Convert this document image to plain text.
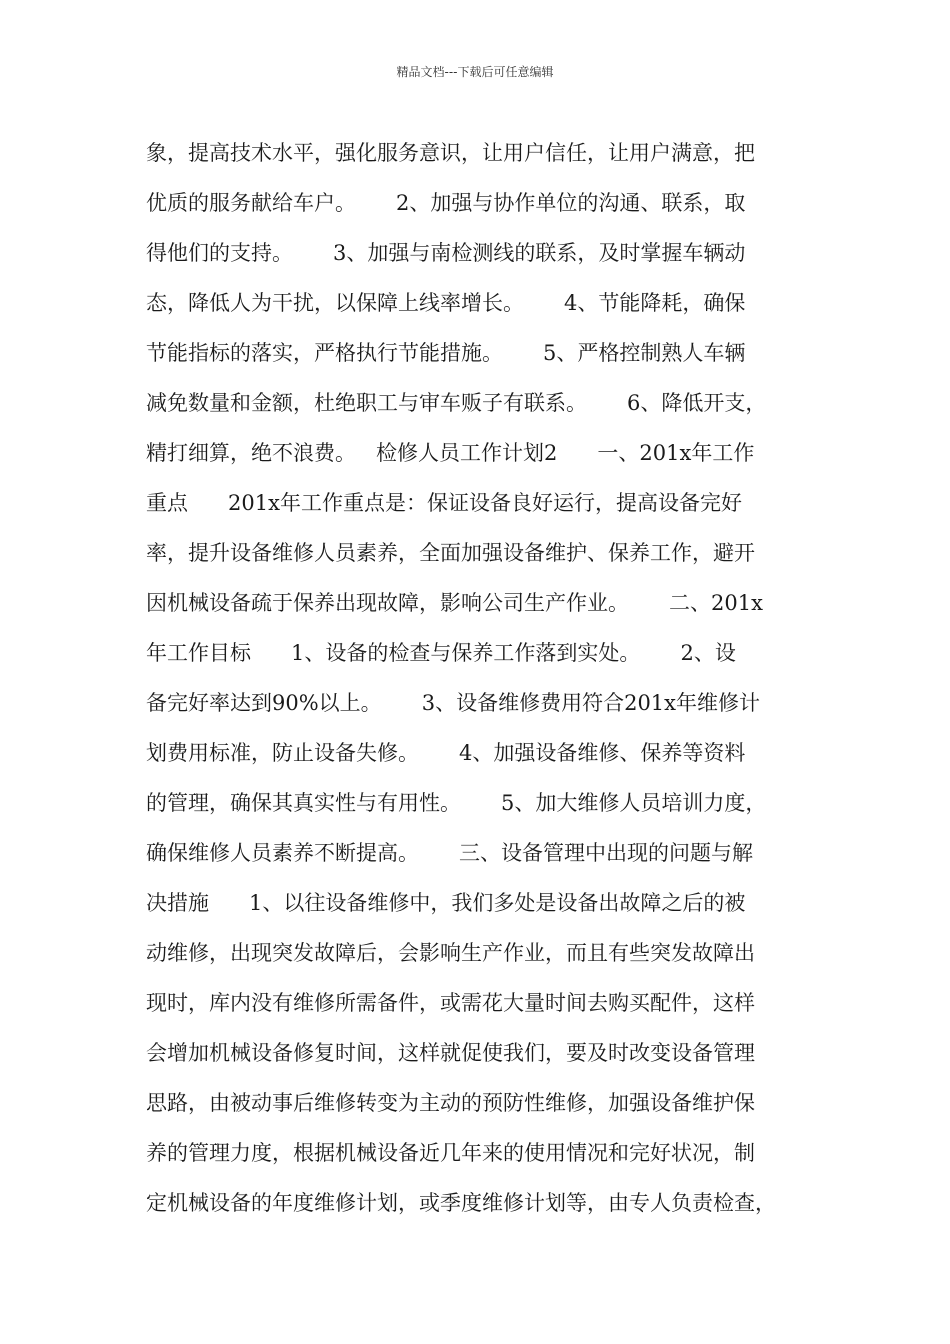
精品文档---下载后可任意编辑
象，提高技术水平，强化服务意识，让用户信任，让用户满意，把
优质的服务献给车户。      2、加强与协作单位的沟通、联系，取
得他们的支持。      3、加强与南检测线的联系，及时掌握车辆动
态，降低人为干扰，以保障上线率增长。      4、节能降耗，确保
节能指标的落实，严格执行节能措施。      5、严格控制熟人车辆
减免数量和金额，杜绝职工与审车贩子有联系。      6、降低开支，
精打细算，绝不浪费。   检修人员工作计划2      一、201x年工作
重点      201x年工作重点是：保证设备良好运行，提高设备完好
率，提升设备维修人员素养，全面加强设备维护、保养工作，避开
因机械设备疏于保养出现故障，影响公司生产作业。      二、201x
年工作目标      1、设备的检查与保养工作落到实处。      2、设
备完好率达到90%以上。      3、设备维修费用符合201x年维修计
划费用标准，防止设备失修。      4、加强设备维修、保养等资料
的管理，确保其真实性与有用性。      5、加大维修人员培训力度，
确保维修人员素养不断提高。      三、设备管理中出现的问题与解
决措施      1、以往设备维修中，我们多处是设备出故障之后的被
动维修，出现突发故障后，会影响生产作业，而且有些突发故障出
现时，库内没有维修所需备件，或需花大量时间去购买配件，这样
会增加机械设备修复时间，这样就促使我们，要及时改变设备管理
思路，由被动事后维修转变为主动的预防性维修，加强设备维护保
养的管理力度，根据机械设备近几年来的使用情况和完好状况，制
定机械设备的年度维修计划，或季度维修计划等，由专人负责检查，
